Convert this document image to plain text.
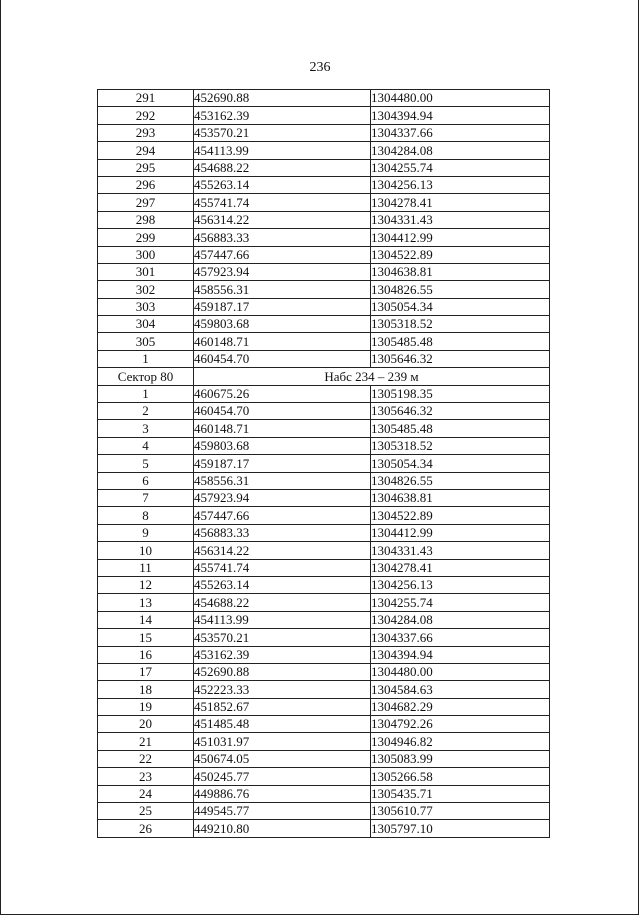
236
291	452690.88	1304480.00
292	453162.39	1304394.94
293	453570.21	1304337.66
294	454113.99	1304284.08
295	454688.22	1304255.74
296	455263.14	1304256.13
297	455741.74	1304278.41
298	456314.22	1304331.43
299	456883.33	1304412.99
300	457447.66	1304522.89
301	457923.94	1304638.81
302	458556.31	1304826.55
303	459187.17	1305054.34
304	459803.68	1305318.52
305	460148.71	1305485.48
1	460454.70	1305646.32
Сектор 80	Набс 234 – 239 м	
1	460675.26	1305198.35
2	460454.70	1305646.32
3	460148.71	1305485.48
4	459803.68	1305318.52
5	459187.17	1305054.34
6	458556.31	1304826.55
7	457923.94	1304638.81
8	457447.66	1304522.89
9	456883.33	1304412.99
10	456314.22	1304331.43
11	455741.74	1304278.41
12	455263.14	1304256.13
13	454688.22	1304255.74
14	454113.99	1304284.08
15	453570.21	1304337.66
16	453162.39	1304394.94
17	452690.88	1304480.00
18	452223.33	1304584.63
19	451852.67	1304682.29
20	451485.48	1304792.26
21	451031.97	1304946.82
22	450674.05	1305083.99
23	450245.77	1305266.58
24	449886.76	1305435.71
25	449545.77	1305610.77
26	449210.80	1305797.10
